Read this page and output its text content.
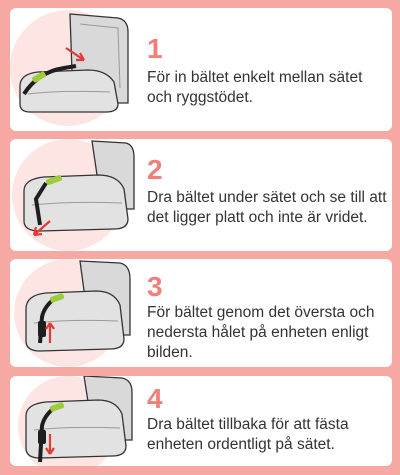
1
För in bältet enkelt mellan sätet och ryggstödet.
2
Dra bältet under sätet och se till att det ligger platt och inte är vridet.
3
För bältet genom det översta och nedersta hålet på enheten enligt bilden.
4
Dra bältet tillbaka för att fästa enheten ordentligt på sätet.
